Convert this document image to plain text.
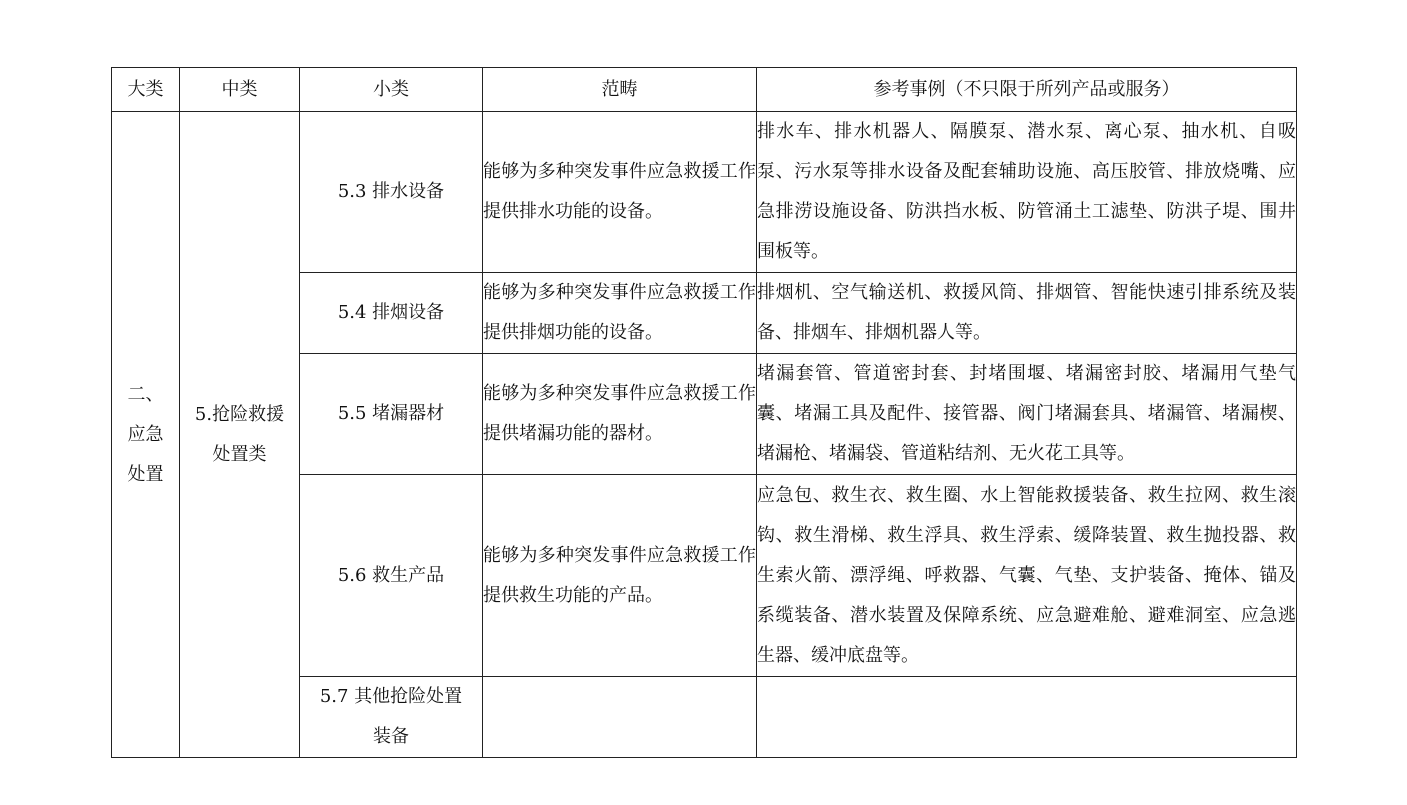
大类	中类	小类	范畴	参考事例（不只限于所列产品或服务）
二、
应急
处置	5.抢险救援
处置类	5.3 排水设备	能够为多种突发事件应急救援工作提供排水功能的设备。	排水车、排水机器人、隔膜泵、潜水泵、离心泵、抽水机、自吸泵、污水泵等排水设备及配套辅助设施、高压胶管、排放烧嘴、应急排涝设施设备、防洪挡水板、防管涌土工滤垫、防洪子堤、围井围板等。
		5.4 排烟设备	能够为多种突发事件应急救援工作提供排烟功能的设备。	排烟机、空气输送机、救援风筒、排烟管、智能快速引排系统及装备、排烟车、排烟机器人等。
		5.5 堵漏器材	能够为多种突发事件应急救援工作提供堵漏功能的器材。	堵漏套管、管道密封套、封堵围堰、堵漏密封胶、堵漏用气垫气囊、堵漏工具及配件、接管器、阀门堵漏套具、堵漏管、堵漏楔、堵漏枪、堵漏袋、管道粘结剂、无火花工具等。
		5.6 救生产品	能够为多种突发事件应急救援工作提供救生功能的产品。	应急包、救生衣、救生圈、水上智能救援装备、救生拉网、救生滚钩、救生滑梯、救生浮具、救生浮索、缓降装置、救生抛投器、救生索火箭、漂浮绳、呼救器、气囊、气垫、支护装备、掩体、锚及系缆装备、潜水装置及保障系统、应急避难舱、避难洞室、应急逃生器、缓冲底盘等。
		5.7 其他抢险处置
装备		
